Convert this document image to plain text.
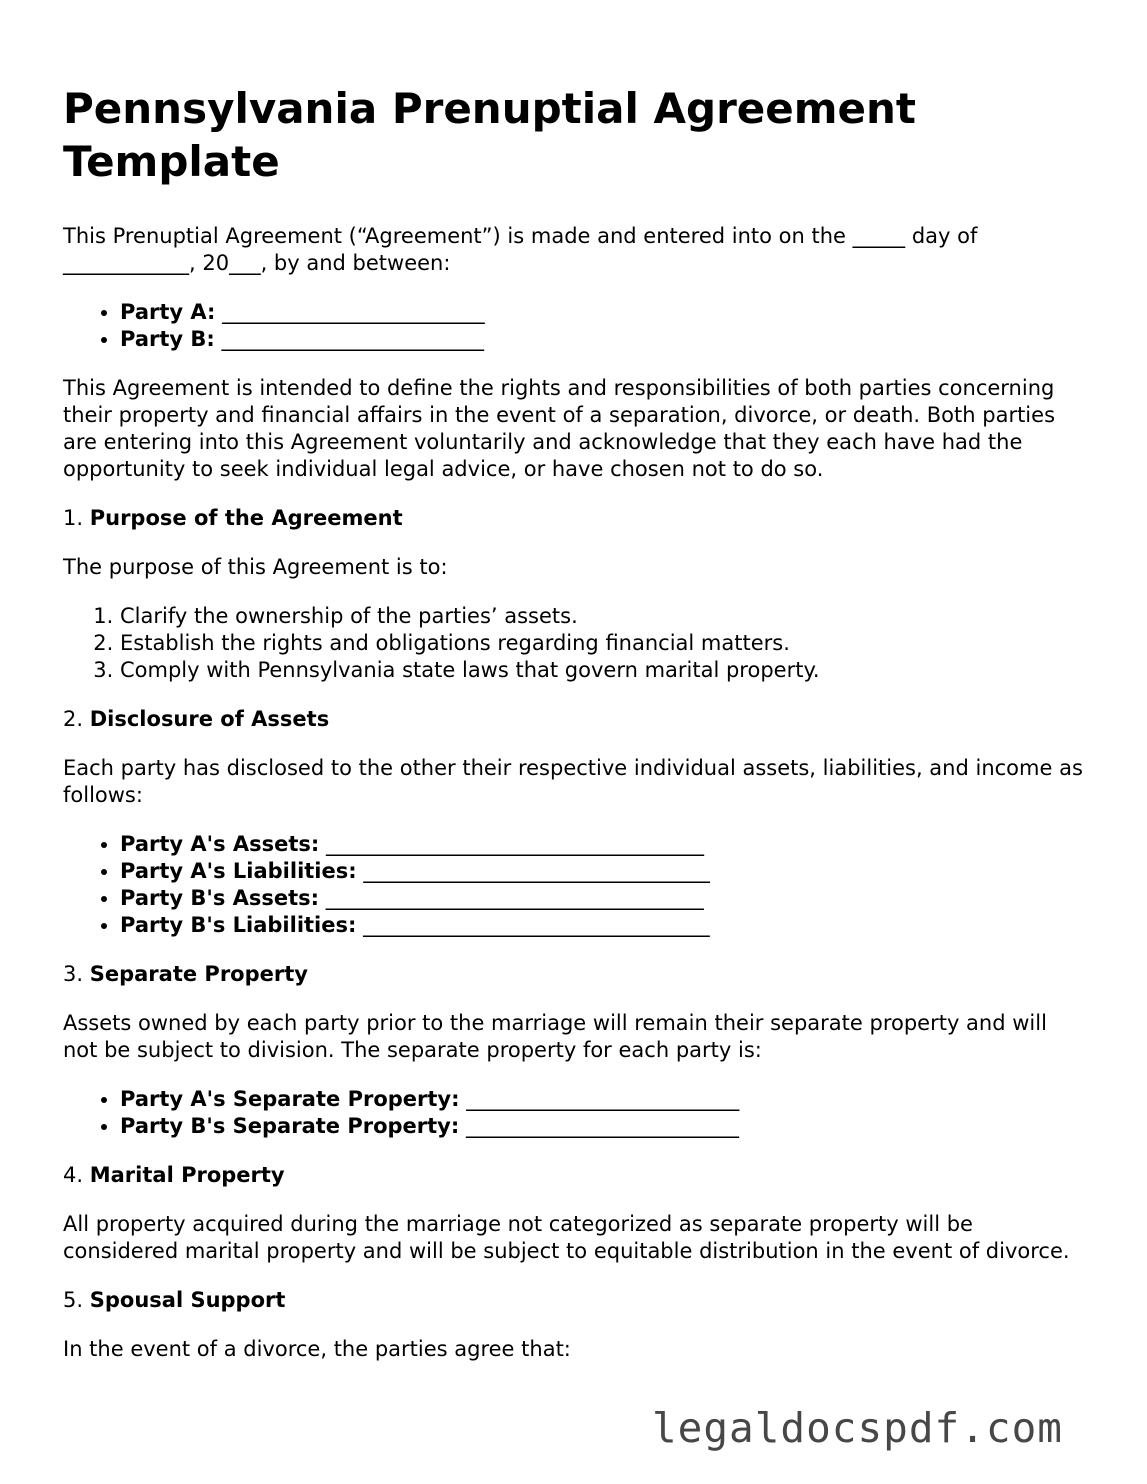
Pennsylvania Prenuptial Agreement Template

This Prenuptial Agreement (“Agreement”) is made and entered into on the _____ day of ____________, 20___, by and between:

• Party A: _________________________
• Party B: _________________________

This Agreement is intended to define the rights and responsibilities of both parties concerning their property and financial affairs in the event of a separation, divorce, or death. Both parties are entering into this Agreement voluntarily and acknowledge that they each have had the opportunity to seek individual legal advice, or have chosen not to do so.

1. Purpose of the Agreement

The purpose of this Agreement is to:

1. Clarify the ownership of the parties’ assets.
2. Establish the rights and obligations regarding financial matters.
3. Comply with Pennsylvania state laws that govern marital property.

2. Disclosure of Assets

Each party has disclosed to the other their respective individual assets, liabilities, and income as follows:

• Party A's Assets: ____________________________________
• Party A's Liabilities: _________________________________
• Party B's Assets: ____________________________________
• Party B's Liabilities: _________________________________

3. Separate Property

Assets owned by each party prior to the marriage will remain their separate property and will not be subject to division. The separate property for each party is:

• Party A's Separate Property: __________________________
• Party B's Separate Property: __________________________

4. Marital Property

All property acquired during the marriage not categorized as separate property will be considered marital property and will be subject to equitable distribution in the event of divorce.

5. Spousal Support

In the event of a divorce, the parties agree that:

legaldocspdf.com
